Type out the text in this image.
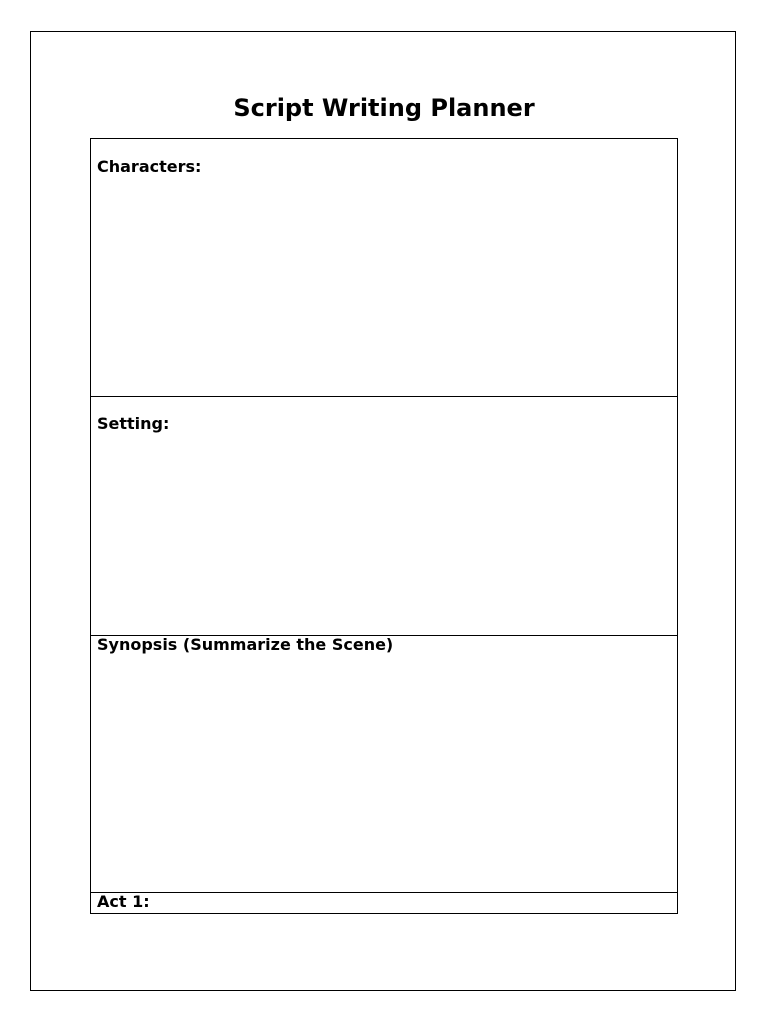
Script Writing Planner
Characters:
Setting:
Synopsis (Summarize the Scene)
Act 1:
